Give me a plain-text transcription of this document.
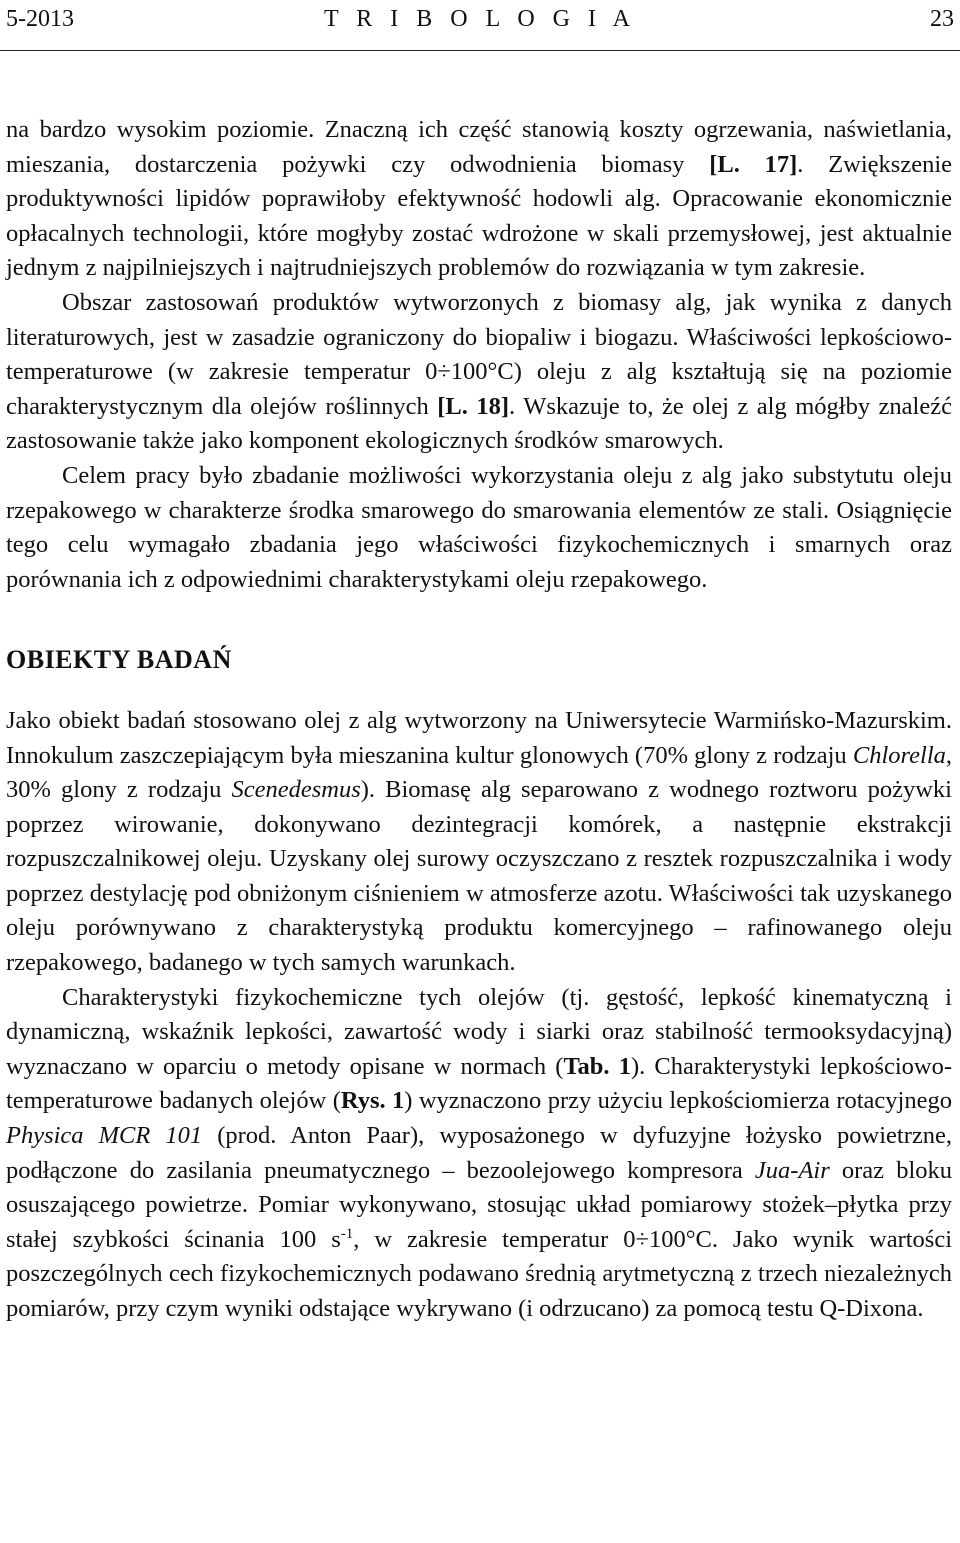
5-2013	T R I B O L O G I A	23

na bardzo wysokim poziomie. Znaczną ich część stanowią koszty ogrzewania, naświetlania, mieszania, dostarczenia pożywki czy odwodnienia biomasy [L. 17]. Zwiększenie produktywności lipidów poprawiłoby efektywność hodowli alg. Opracowanie ekonomicznie opłacalnych technologii, które mogłyby zostać wdrożone w skali przemysłowej, jest aktualnie jednym z najpilniejszych i najtrudniejszych problemów do rozwiązania w tym zakresie.

Obszar zastosowań produktów wytworzonych z biomasy alg, jak wynika z danych literaturowych, jest w zasadzie ograniczony do biopaliw i biogazu. Właściwości lepkościowo-temperaturowe (w zakresie temperatur 0÷100°C) oleju z alg kształtują się na poziomie charakterystycznym dla olejów roślinnych [L. 18]. Wskazuje to, że olej z alg mógłby znaleźć zastosowanie także jako komponent ekologicznych środków smarowych.

Celem pracy było zbadanie możliwości wykorzystania oleju z alg jako substytutu oleju rzepakowego w charakterze środka smarowego do smarowania elementów ze stali. Osiągnięcie tego celu wymagało zbadania jego właściwości fizykochemicznych i smarnych oraz porównania ich z odpowiednimi charakterystykami oleju rzepakowego.

OBIEKTY BADAŃ

Jako obiekt badań stosowano olej z alg wytworzony na Uniwersytecie Warmińsko-Mazurskim. Innokulum zaszczepiającym była mieszanina kultur glonowych (70% glony z rodzaju Chlorella, 30% glony z rodzaju Scenedesmus). Biomasę alg separowano z wodnego roztworu pożywki poprzez wirowanie, dokonywano dezintegracji komórek, a następnie ekstrakcji rozpuszczalnikowej oleju. Uzyskany olej surowy oczyszczano z resztek rozpuszczalnika i wody poprzez destylację pod obniżonym ciśnieniem w atmosferze azotu. Właściwości tak uzyskanego oleju porównywano z charakterystyką produktu komercyjnego – rafinowanego oleju rzepakowego, badanego w tych samych warunkach.

Charakterystyki fizykochemiczne tych olejów (tj. gęstość, lepkość kinematyczną i dynamiczną, wskaźnik lepkości, zawartość wody i siarki oraz stabilność termooksydacyjną) wyznaczano w oparciu o metody opisane w normach (Tab. 1). Charakterystyki lepkościowo-temperaturowe badanych olejów (Rys. 1) wyznaczono przy użyciu lepkościomierza rotacyjnego Physica MCR 101 (prod. Anton Paar), wyposażonego w dyfuzyjne łożysko powietrzne, podłączone do zasilania pneumatycznego – bezoolejowego kompresora Jua-Air oraz bloku osuszającego powietrze. Pomiar wykonywano, stosując układ pomiarowy stożek–płytka przy stałej szybkości ścinania 100 $s^{-1}$, w zakresie temperatur 0÷100°C. Jako wynik wartości poszczególnych cech fizykochemicznych podawano średnią arytmetyczną z trzech niezależnych pomiarów, przy czym wyniki odstające wykrywano (i odrzucano) za pomocą testu Q-Dixona.
